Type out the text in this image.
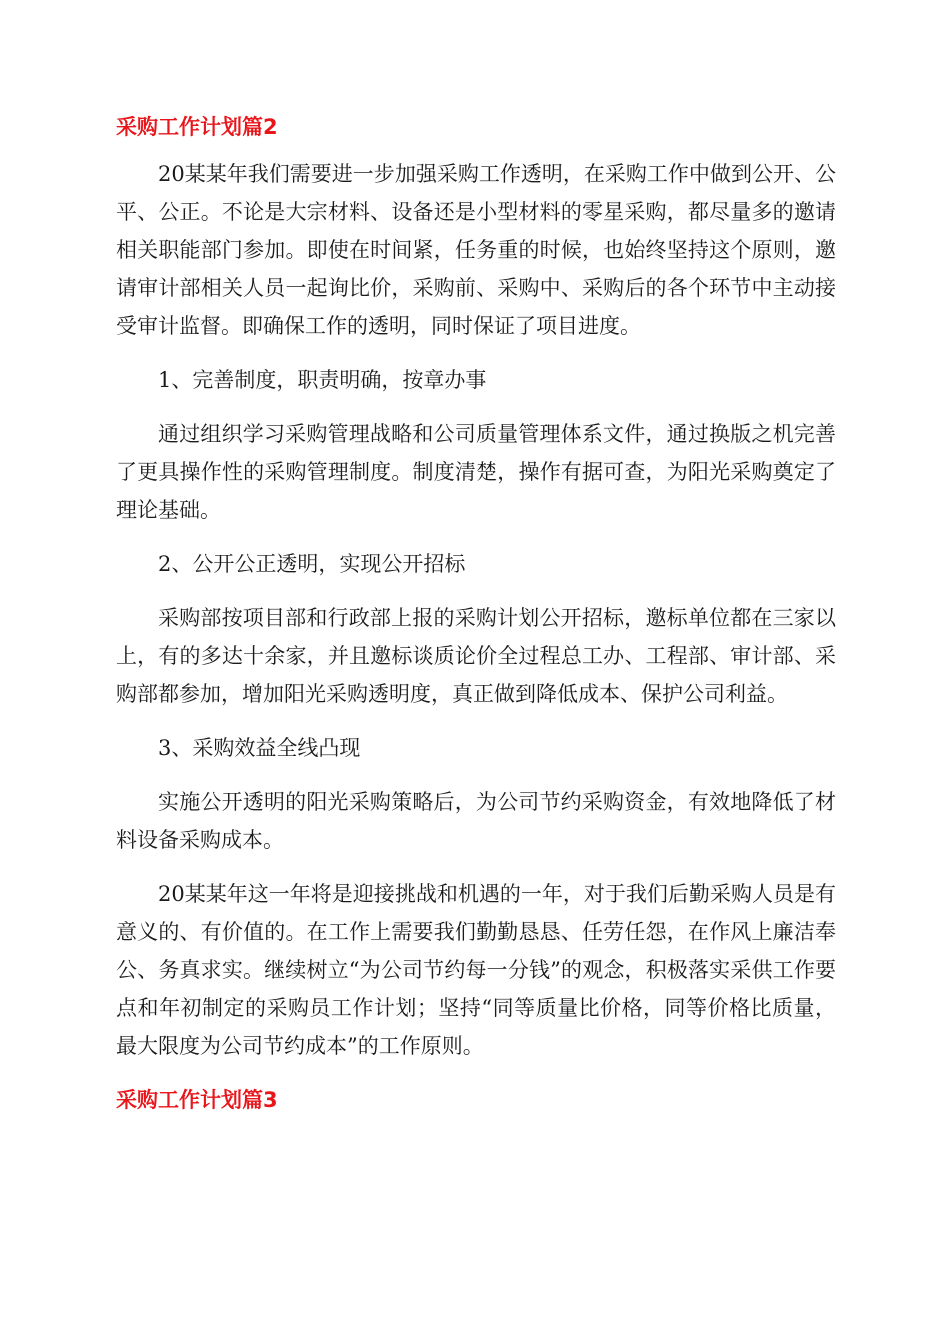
采购工作计划篇2

20某某年我们需要进一步加强采购工作透明，在采购工作中做到公开、公平、公正。不论是大宗材料、设备还是小型材料的零星采购，都尽量多的邀请相关职能部门参加。即使在时间紧，任务重的时候，也始终坚持这个原则，邀请审计部相关人员一起询比价，采购前、采购中、采购后的各个环节中主动接受审计监督。即确保工作的透明，同时保证了项目进度。

1、完善制度，职责明确，按章办事

通过组织学习采购管理战略和公司质量管理体系文件，通过换版之机完善了更具操作性的采购管理制度。制度清楚，操作有据可查，为阳光采购奠定了理论基础。

2、公开公正透明，实现公开招标

采购部按项目部和行政部上报的采购计划公开招标，邀标单位都在三家以上，有的多达十余家，并且邀标谈质论价全过程总工办、工程部、审计部、采购部都参加，增加阳光采购透明度，真正做到降低成本、保护公司利益。

3、采购效益全线凸现

实施公开透明的阳光采购策略后，为公司节约采购资金，有效地降低了材料设备采购成本。

20某某年这一年将是迎接挑战和机遇的一年，对于我们后勤采购人员是有意义的、有价值的。在工作上需要我们勤勤恳恳、任劳任怨，在作风上廉洁奉公、务真求实。继续树立“为公司节约每一分钱”的观念，积极落实采供工作要点和年初制定的采购员工作计划；坚持“同等质量比价格，同等价格比质量，最大限度为公司节约成本”的工作原则。

采购工作计划篇3
